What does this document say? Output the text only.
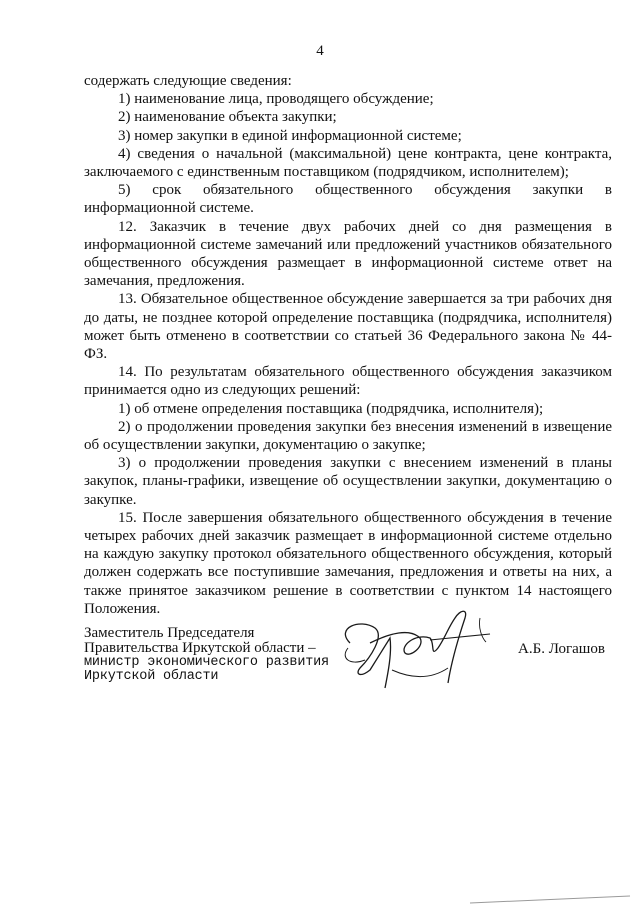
4

содержать следующие сведения:

1) наименование лица, проводящего обсуждение;

2) наименование объекта закупки;

3) номер закупки в единой информационной системе;

4) сведения о начальной (максимальной) цене контракта, цене контракта, заключаемого с единственным поставщиком (подрядчиком, исполнителем);

5) срок обязательного общественного обсуждения закупки в информационной системе.

12. Заказчик в течение двух рабочих дней со дня размещения в информационной системе замечаний или предложений участников обязательного общественного обсуждения размещает в информационной системе ответ на замечания, предложения.

13. Обязательное общественное обсуждение завершается за три рабочих дня до даты, не позднее которой определение поставщика (подрядчика, исполнителя) может быть отменено в соответствии со статьей 36 Федерального закона № 44-ФЗ.

14. По результатам обязательного общественного обсуждения заказчиком принимается одно из следующих решений:

1) об отмене определения поставщика (подрядчика, исполнителя);

2) о продолжении проведения закупки без внесения изменений в извещение об осуществлении закупки, документацию о закупке;

3) о продолжении проведения закупки с внесением изменений в планы закупок, планы-графики, извещение об осуществлении закупки, документацию о закупке.

15. После завершения обязательного общественного обсуждения в течение четырех рабочих дней заказчик размещает в информационной системе отдельно на каждую закупку протокол обязательного общественного обсуждения, который должен содержать все поступившие замечания, предложения и ответы на них, а также принятое заказчиком решение в соответствии с пунктом 14 настоящего Положения.

Заместитель Председателя
Правительства Иркутской области –
министр экономического развития
Иркутской области
А.Б. Логашов
